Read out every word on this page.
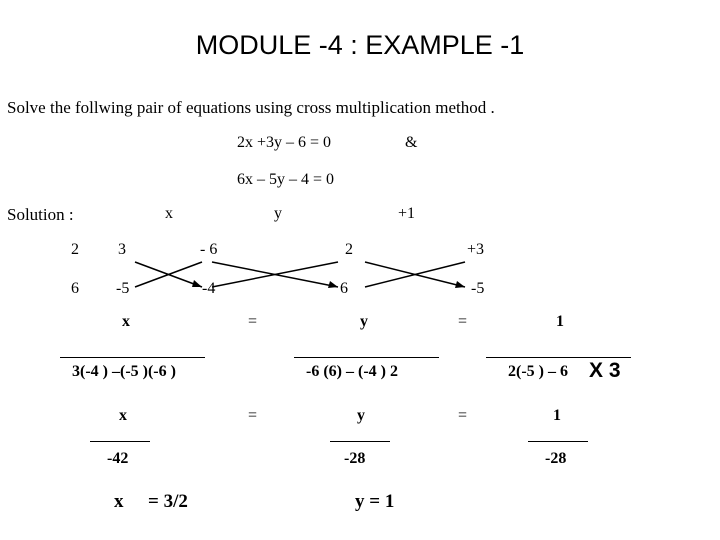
MODULE -4 : EXAMPLE -1
Solve the follwing pair of equations using cross multiplication method .
2x +3y – 6 = 0	&
6x – 5y – 4 = 0
Solution :	x	y	+1
2 3	- 6	2	+3
6 -5	-4	6	-5
x	=	y	=	1
3(-4 ) –(-5 )(-6 )	-6 (6) – (-4 ) 2	2(-5 ) – 6 X 3
x	=	y	=	1
-42	-28	-28
x = 3/2	y = 1
